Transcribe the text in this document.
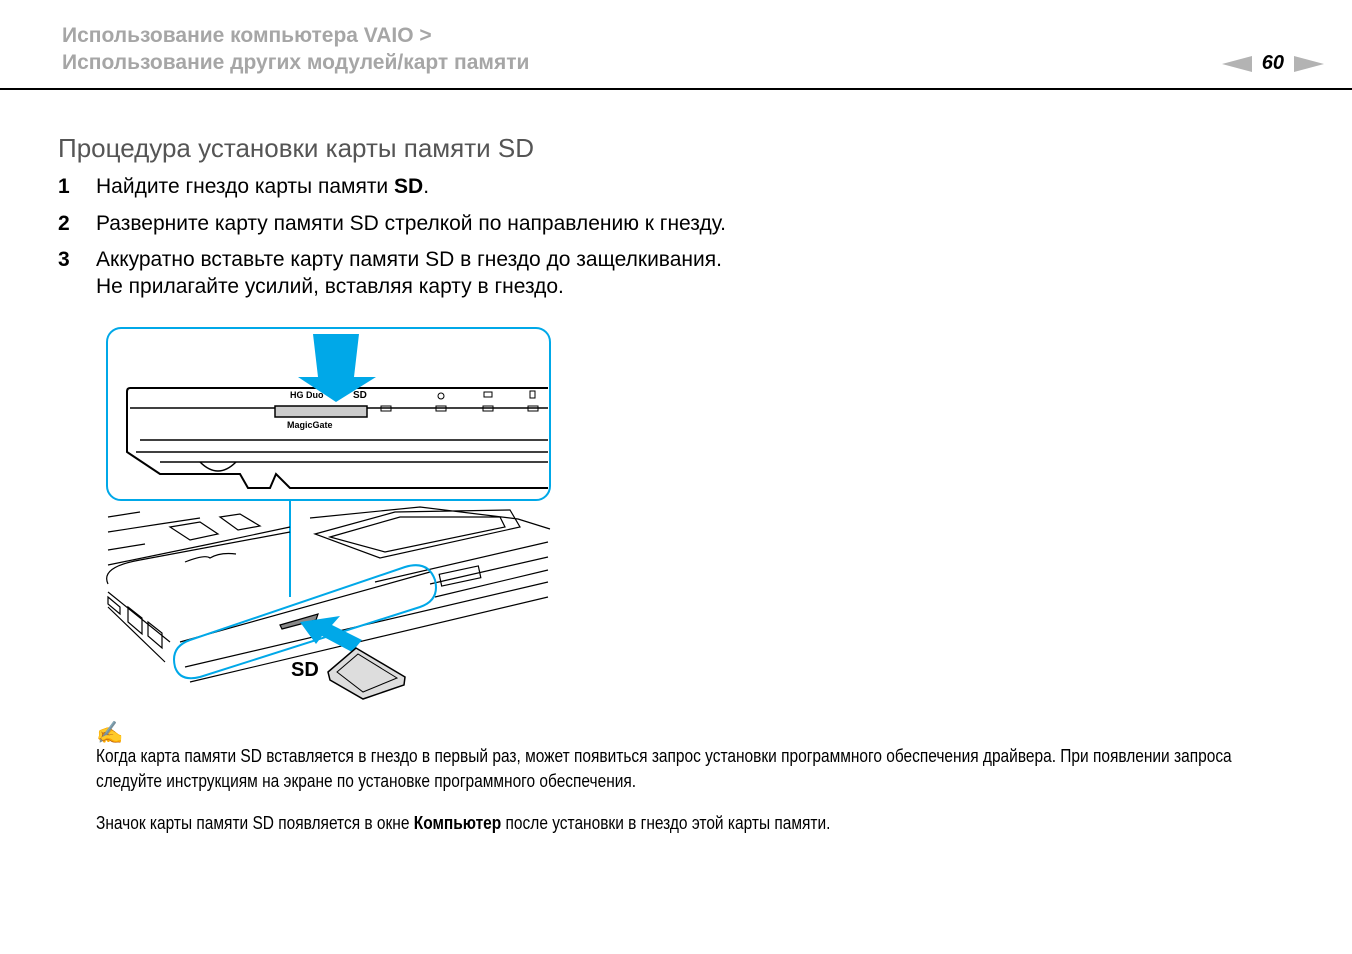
Использование компьютера VAIO >
Использование других модулей/карт памяти	60
Процедура установки карты памяти SD
1 Найдите гнездо карты памяти SD.
2 Разверните карту памяти SD стрелкой по направлению к гнезду.
3 Аккуратно вставьте карту памяти SD в гнездо до защелкивания.
Не прилагайте усилий, вставляя карту в гнездо.
HG Duo	SD
MagicGate
SD
✍
Когда карта памяти SD вставляется в гнездо в первый раз, может появиться запрос установки программного обеспечения драйвера. При появлении запроса следуйте инструкциям на экране по установке программного обеспечения.
Значок карты памяти SD появляется в окне Компьютер после установки в гнездо этой карты памяти.
